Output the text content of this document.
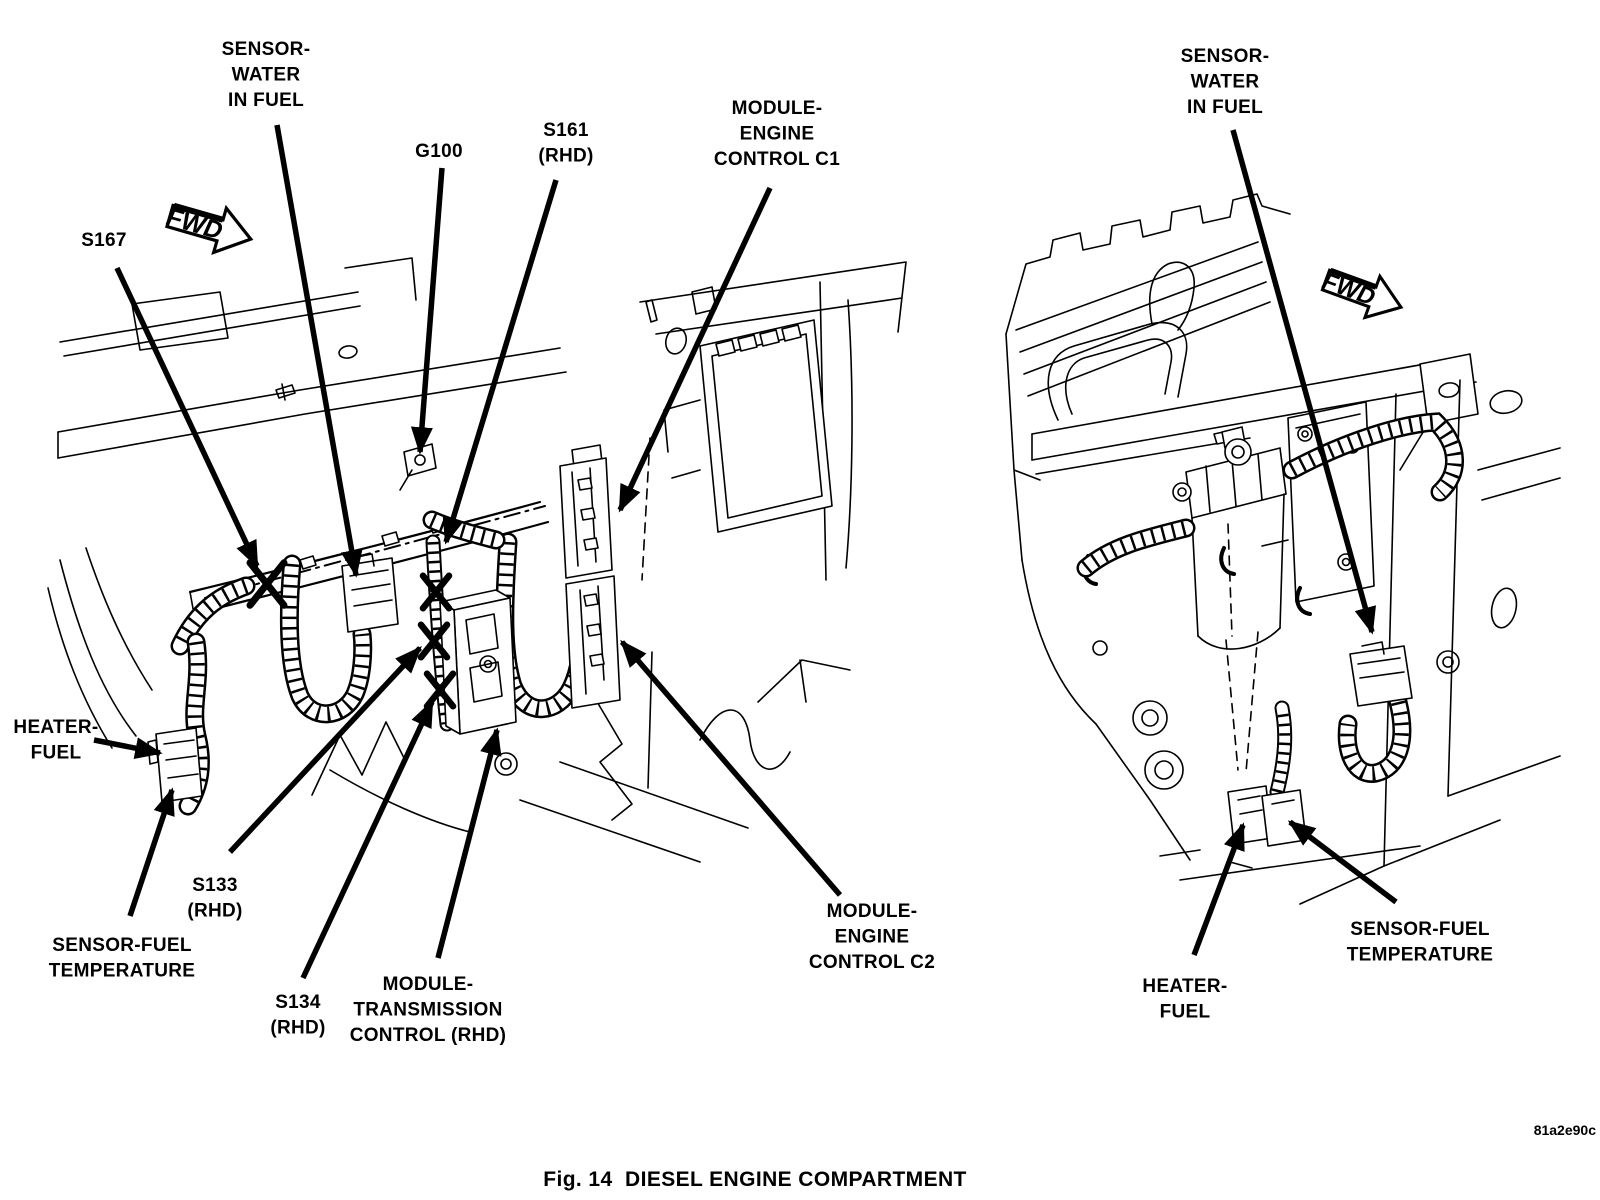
FWD
FWD
S167
SENSOR-WATER IN FUEL
G100
S161 (RHD)
MODULE-ENGINE CONTROL C1
HEATER-FUEL
SENSOR-FUEL TEMPERATURE
S133 (RHD)
S134 (RHD)
MODULE-TRANSMISSION CONTROL (RHD)
MODULE-ENGINE CONTROL C2
SENSOR-WATER IN FUEL
HEATER-FUEL
SENSOR-FUEL TEMPERATURE
Fig. 14  DIESEL ENGINE COMPARTMENT
81a2e90c
